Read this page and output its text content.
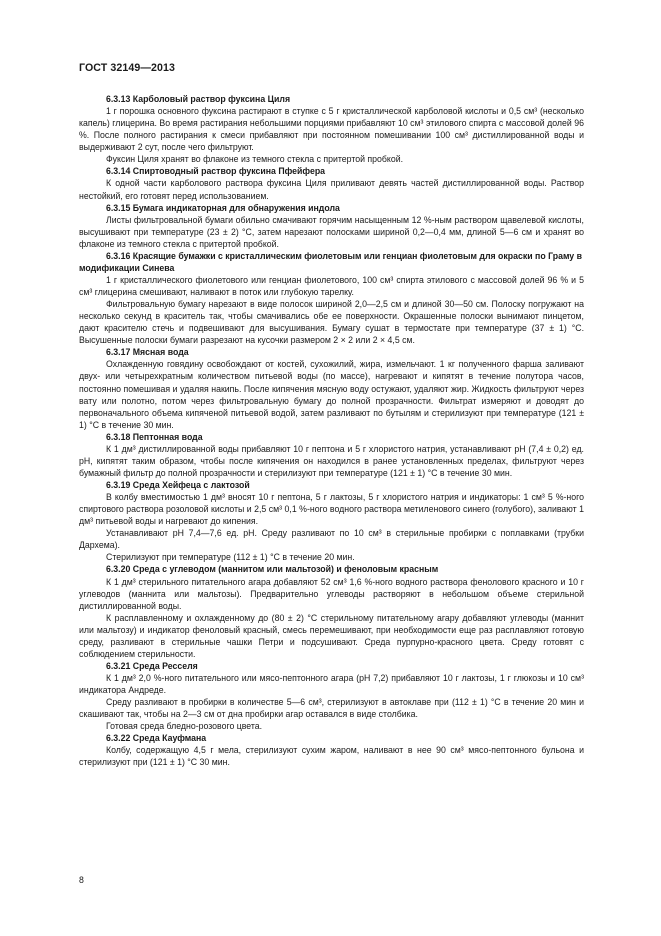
ГОСТ 32149—2013
6.3.13 Карболовый раствор фуксина Циля

1 г порошка основного фуксина растирают в ступке с 5 г кристаллической карболовой кислоты и 0,5 см³ (несколько капель) глицерина. Во время растирания небольшими порциями прибавляют 10 см³ этилового спирта с массовой долей 96 %. После полного растирания к смеси прибавляют при постоянном помешивании 100 см³ дистиллированной воды и выдерживают 2 сут, после чего фильтруют.

Фуксин Циля хранят во флаконе из темного стекла с притертой пробкой.

6.3.14 Спиртоводный раствор фуксина Пфейфера

К одной части карболового раствора фуксина Циля приливают девять частей дистиллированной воды. Раствор нестойкий, его готовят перед использованием.

6.3.15 Бумага индикаторная для обнаружения индола

Листы фильтровальной бумаги обильно смачивают горячим насыщенным 12 %-ным раствором щавелевой кислоты, высушивают при температуре (23 ± 2) °С, затем нарезают полосками шириной 0,2—0,4 мм, длиной 5—6 см и хранят во флаконе из темного стекла с притертой пробкой.

6.3.16 Красящие бумажки с кристаллическим фиолетовым или генциан фиолетовым для окраски по Граму в модификации Синева

1 г кристаллического фиолетового или генциан фиолетового, 100 см³ спирта этилового с массовой долей 96 % и 5 см³ глицерина смешивают, наливают в поток или глубокую тарелку.

Фильтровальную бумагу нарезают в виде полосок шириной 2,0—2,5 см и длиной 30—50 см. Полоску погружают на несколько секунд в краситель так, чтобы смачивались обе ее поверхности. Окрашенные полоски вынимают пинцетом, дают красителю стечь и подвешивают для высушивания. Бумагу сушат в термостате при температуре (37 ± 1) °С. Высушенные полоски бумаги разрезают на кусочки размером 2 × 2 или 2 × 4,5 см.

6.3.17 Мясная вода

Охлажденную говядину освобождают от костей, сухожилий, жира, измельчают. 1 кг полученного фарша заливают двух- или четырехкратным количеством питьевой воды (по массе), нагревают и кипятят в течение полутора часов, постоянно помешивая и удаляя накипь. После кипячения мясную воду остужают, удаляют жир. Жидкость фильтруют через вату или полотно, потом через фильтровальную бумагу до полной прозрачности. Фильтрат измеряют и доводят до первоначального объема кипяченой питьевой водой, затем разливают по бутылям и стерилизуют при температуре (121 ± 1) °С в течение 30 мин.

6.3.18 Пептонная вода

К 1 дм³ дистиллированной воды прибавляют 10 г пептона и 5 г хлористого натрия, устанавливают рН (7,4 ± 0,2) ед. рН, кипятят таким образом, чтобы после кипячения он находился в ранее установленных пределах, фильтруют через бумажный фильтр до полной прозрачности и стерилизуют при температуре (121 ± 1) °С в течение 30 мин.

6.3.19 Среда Хейфеца с лактозой

В колбу вместимостью 1 дм³ вносят 10 г пептона, 5 г лактозы, 5 г хлористого натрия и индикаторы: 1 см³ 5 %-ного спиртового раствора розоловой кислоты и 2,5 см³ 0,1 %-ного водного раствора метиленового синего (голубого), заливают 1 дм³ питьевой воды и нагревают до кипения.

Устанавливают рН 7,4—7,6 ед. рН. Среду разливают по 10 см³ в стерильные пробирки с поплавками (трубки Дархема).

Стерилизуют при температуре (112 ± 1) °С в течение 20 мин.

6.3.20 Среда с углеводом (маннитом или мальтозой) и феноловым красным

К 1 дм³ стерильного питательного агара добавляют 52 см³ 1,6 %-ного водного раствора фенолового красного и 10 г углеводов (маннита или мальтозы). Предварительно углеводы растворяют в небольшом объеме стерильной дистиллированной воды.

К расплавленному и охлажденному до (80 ± 2) °С стерильному питательному агару добавляют углеводы (маннит или мальтозу) и индикатор феноловый красный, смесь перемешивают, при необходимости еще раз расплавляют готовую среду, разливают в стерильные чашки Петри и подсушивают. Среда пурпурно-красного цвета. Среду готовят с соблюдением стерильности.

6.3.21 Среда Ресселя

К 1 дм³ 2,0 %-ного питательного или мясо-пептонного агара (рН 7,2) прибавляют 10 г лактозы, 1 г глюкозы и 10 см³ индикатора Андреде.

Среду разливают в пробирки в количестве 5—6 см³, стерилизуют в автоклаве при (112 ± 1) °С в течение 20 мин и скашивают так, чтобы на 2—3 см от дна пробирки агар оставался в виде столбика.

Готовая среда бледно-розового цвета.

6.3.22 Среда Кауфмана

Колбу, содержащую 4,5 г мела, стерилизуют сухим жаром, наливают в нее 90 см³ мясо-пептонного бульона и стерилизуют при (121 ± 1) °С 30 мин.

8
